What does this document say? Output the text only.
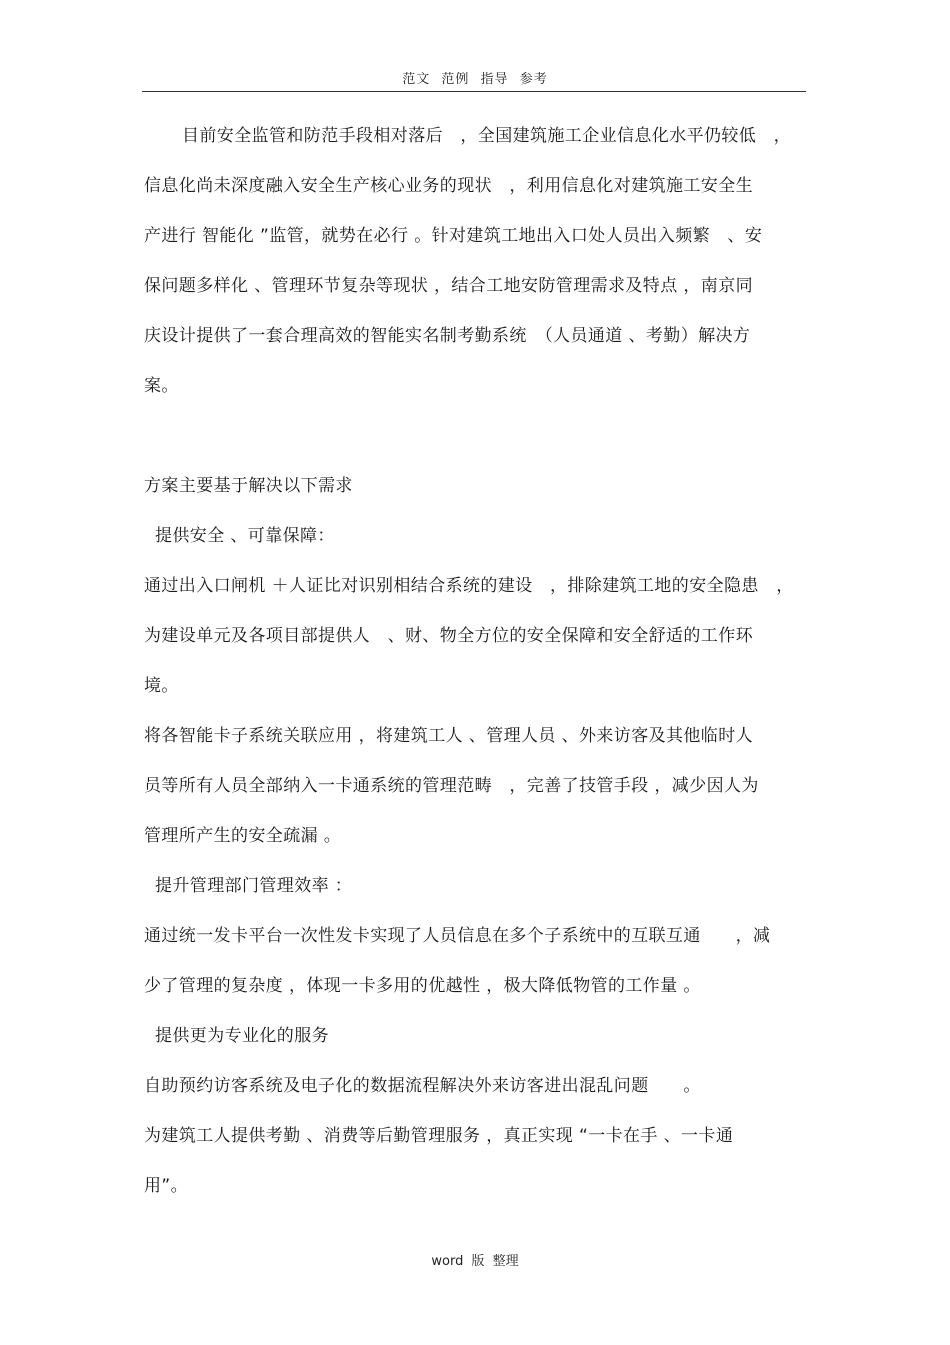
范文 范例 指导 参考
目前安全监管和防范手段相对落后　，全国建筑施工企业信息化水平仍较低　，
信息化尚未深度融入安全生产核心业务的现状　，利用信息化对建筑施工安全生
产进行 智能化 ”监管，就势在必行 。针对建筑工地出入口处人员出入频繁　、安
保问题多样化 、管理环节复杂等现状 ，结合工地安防管理需求及特点 ，南京同
庆设计提供了一套合理高效的智能实名制考勤系统　（人员通道 、考勤）解决方
案。
方案主要基于解决以下需求
提供安全 、可靠保障：
通过出入口闸机 ＋人证比对识别相结合系统的建设　，排除建筑工地的安全隐患　，
为建设单元及各项目部提供人　、财、物全方位的安全保障和安全舒适的工作环
境。
将各智能卡子系统关联应用 ，将建筑工人 、管理人员 、外来访客及其他临时人
员等所有人员全部纳入一卡通系统的管理范畴　，完善了技管手段 ，减少因人为
管理所产生的安全疏漏 。
提升管理部门管理效率 ：
通过统一发卡平台一次性发卡实现了人员信息在多个子系统中的互联互通　　，减
少了管理的复杂度 ，体现一卡多用的优越性 ，极大降低物管的工作量 。
提供更为专业化的服务
自助预约访客系统及电子化的数据流程解决外来访客进出混乱问题　　。
为建筑工人提供考勤 、消费等后勤管理服务 ，真正实现 “一卡在手 、一卡通
用”。
word 版 整理
